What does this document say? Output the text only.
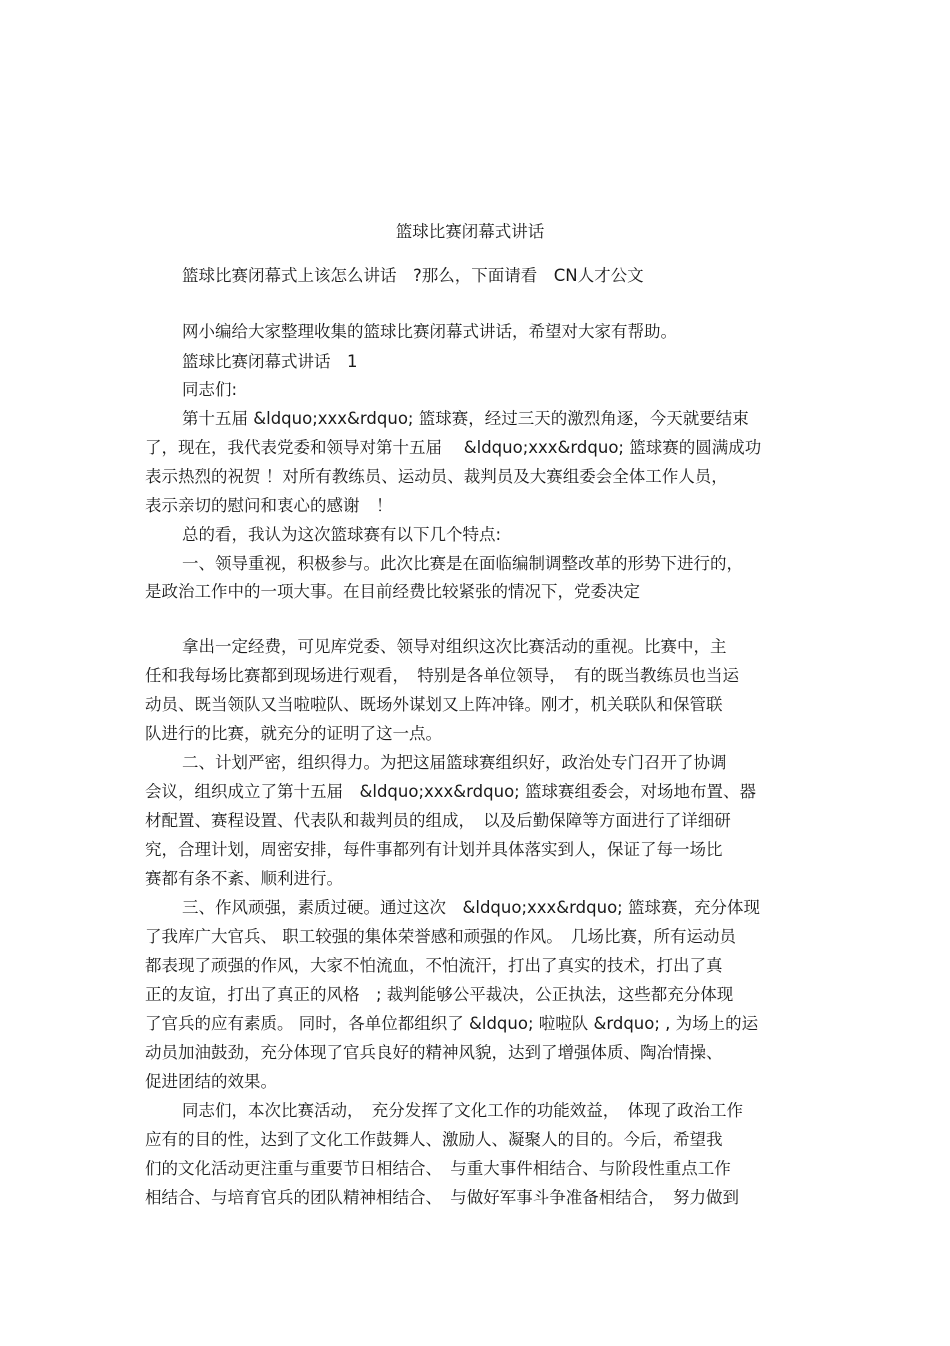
篮球比赛闭幕式讲话
篮球比赛闭幕式上该怎么讲话　?那么，下面请看　CN人才公文
网小编给大家整理收集的篮球比赛闭幕式讲话，希望对大家有帮助。
篮球比赛闭幕式讲话　1
同志们:
第十五届 &ldquo;xxx&rdquo; 篮球赛，经过三天的激烈角逐，今天就要结束
了，现在，我代表党委和领导对第十五届　 &ldquo;xxx&rdquo; 篮球赛的圆满成功
表示热烈的祝贺 ！对所有教练员、运动员、裁判员及大赛组委会全体工作人员，
表示亲切的慰问和衷心的感谢　！
总的看，我认为这次篮球赛有以下几个特点:
一、领导重视，积极参与。此次比赛是在面临编制调整改革的形势下进行的，
是政治工作中的一项大事。在目前经费比较紧张的情况下，党委决定
拿出一定经费，可见库党委、领导对组织这次比赛活动的重视。比赛中，主
任和我每场比赛都到现场进行观看，　特别是各单位领导，　有的既当教练员也当运
动员、既当领队又当啦啦队、既场外谋划又上阵冲锋。刚才，机关联队和保管联
队进行的比赛，就充分的证明了这一点。
二、计划严密，组织得力。为把这届篮球赛组织好，政治处专门召开了协调
会议，组织成立了第十五届　&ldquo;xxx&rdquo; 篮球赛组委会，对场地布置、器
材配置、赛程设置、代表队和裁判员的组成，　以及后勤保障等方面进行了详细研
究，合理计划，周密安排，每件事都列有计划并具体落实到人，保证了每一场比
赛都有条不紊、顺利进行。
三、作风顽强，素质过硬。通过这次　&ldquo;xxx&rdquo; 篮球赛，充分体现
了我库广大官兵、 职工较强的集体荣誉感和顽强的作风。　几场比赛，所有运动员
都表现了顽强的作风，大家不怕流血，不怕流汗，打出了真实的技术，打出了真
正的友谊，打出了真正的风格　; 裁判能够公平裁决，公正执法，这些都充分体现
了官兵的应有素质。 同时，各单位都组织了 &ldquo; 啦啦队 &rdquo; , 为场上的运
动员加油鼓劲，充分体现了官兵良好的精神风貌，达到了增强体质、陶冶情操、
促进团结的效果。
同志们，本次比赛活动，　充分发挥了文化工作的功能效益，　体现了政治工作
应有的目的性，达到了文化工作鼓舞人、激励人、凝聚人的目的。今后，希望我
们的文化活动更注重与重要节日相结合、　与重大事件相结合、与阶段性重点工作
相结合、与培育官兵的团队精神相结合、　与做好军事斗争准备相结合，　努力做到
